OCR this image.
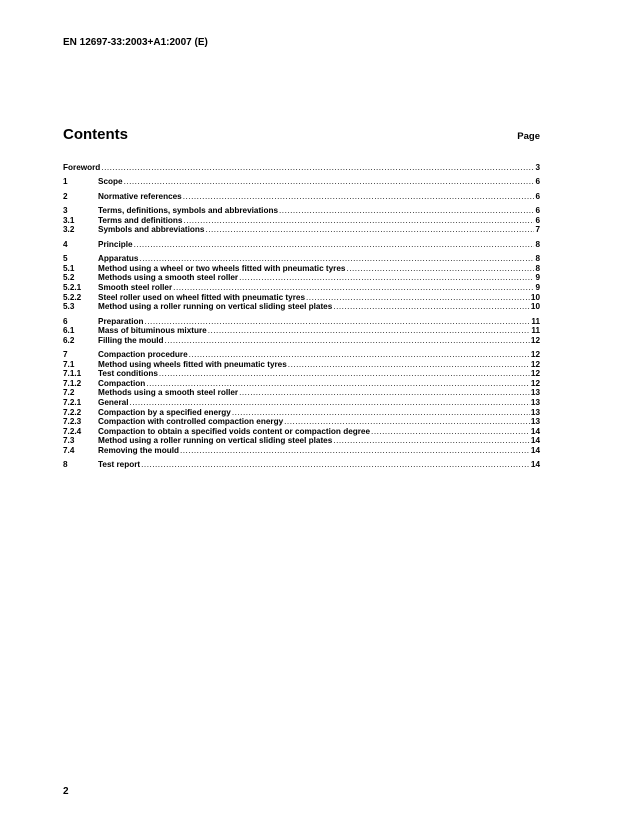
EN 12697-33:2003+A1:2007 (E)
Contents	Page
Foreword .....	3
1	Scope .....	6
2	Normative references .....	6
3	Terms, definitions, symbols and abbreviations .....	6
3.1	Terms and definitions .....	6
3.2	Symbols and abbreviations .....	7
4	Principle .....	8
5	Apparatus .....	8
5.1	Method using a wheel or two wheels fitted with pneumatic tyres .....	8
5.2	Methods using a smooth steel roller .....	9
5.2.1	Smooth steel roller .....	9
5.2.2	Steel roller used on wheel fitted with pneumatic tyres .....	10
5.3	Method using a roller running on vertical sliding steel plates .....	10
6	Preparation .....	11
6.1	Mass of bituminous mixture .....	11
6.2	Filling the mould .....	12
7	Compaction procedure .....	12
7.1	Method using wheels fitted with pneumatic tyres .....	12
7.1.1	Test conditions .....	12
7.1.2	Compaction .....	12
7.2	Methods using a smooth steel roller .....	13
7.2.1	General .....	13
7.2.2	Compaction by a specified energy .....	13
7.2.3	Compaction with controlled compaction energy .....	13
7.2.4	Compaction to obtain a specified voids content or compaction degree .....	14
7.3	Method using a roller running on vertical sliding steel plates .....	14
7.4	Removing the mould .....	14
8	Test report .....	14
2
